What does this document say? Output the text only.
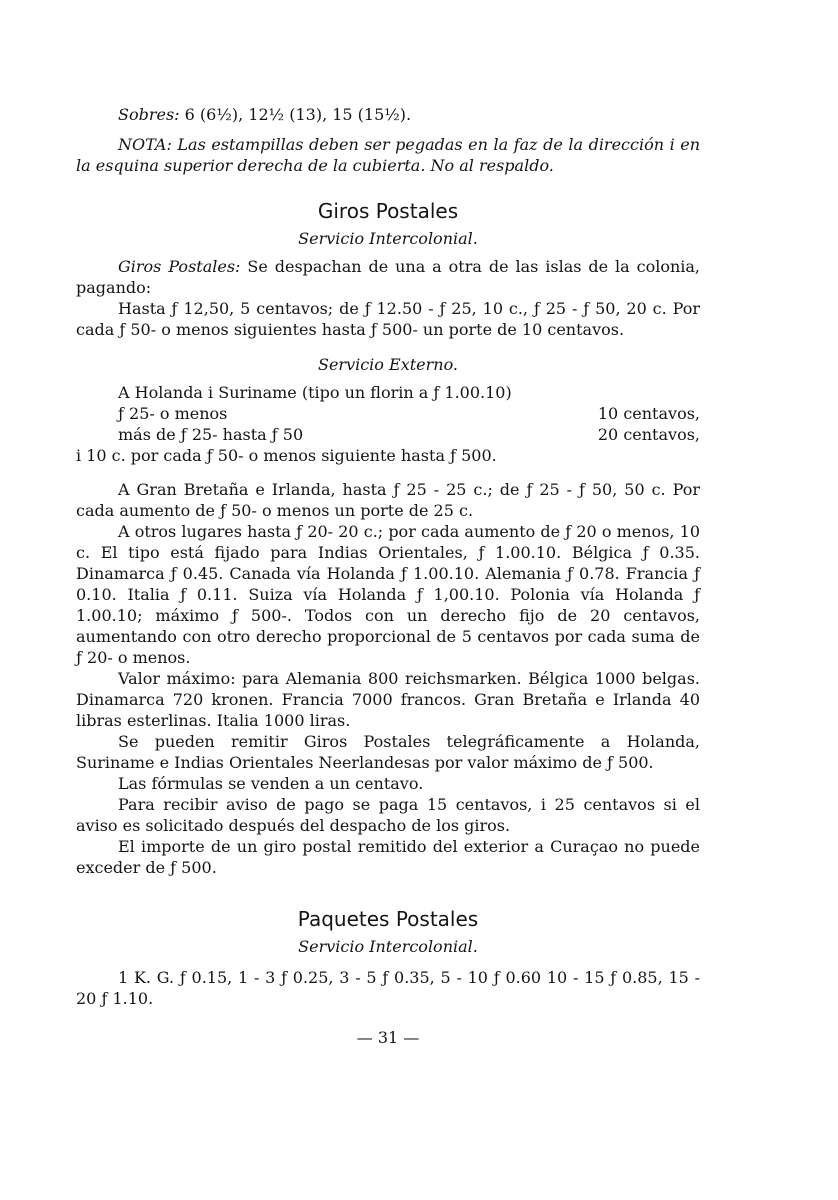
Sobres: 6 (6½), 12½ (13), 15 (15½).

NOTA: Las estampillas deben ser pegadas en la faz de la dirección i en la esquina superior derecha de la cubierta. No al respaldo.

Giros Postales

Servicio Intercolonial.

Giros Postales: Se despachan de una a otra de las islas de la colonia, pagando:

Hasta ƒ 12,50, 5 centavos; de ƒ 12.50 - ƒ 25, 10 c., ƒ 25 - ƒ 50, 20 c. Por cada ƒ 50- o menos siguientes hasta ƒ 500- un porte de 10 centavos.

Servicio Externo.

A Holanda i Suriname (tipo un florin a ƒ 1.00.10)

ƒ 25- o menos	10 centavos,
más de ƒ 25- hasta ƒ 50	20 centavos,

i 10 c. por cada ƒ 50- o menos siguiente hasta ƒ 500.

A Gran Bretaña e Irlanda, hasta ƒ 25 - 25 c.; de ƒ 25 - ƒ 50, 50 c. Por cada aumento de ƒ 50- o menos un porte de 25 c.

A otros lugares hasta ƒ 20- 20 c.; por cada aumento de ƒ 20 o menos, 10 c. El tipo está fijado para Indias Orientales, ƒ 1.00.10. Bélgica ƒ 0.35. Dinamarca ƒ 0.45. Canada vía Holanda ƒ 1.00.10. Alemania ƒ 0.78. Francia ƒ 0.10. Italia ƒ 0.11. Suiza vía Holanda ƒ 1,00.10. Polonia vía Holanda ƒ 1.00.10; máximo ƒ 500-. Todos con un derecho fijo de 20 centavos, aumentando con otro derecho proporcional de 5 centavos por cada suma de ƒ 20- o menos.

Valor máximo: para Alemania 800 reichsmarken. Bélgica 1000 belgas. Dinamarca 720 kronen. Francia 7000 francos. Gran Bretaña e Irlanda 40 libras esterlinas. Italia 1000 liras.

Se pueden remitir Giros Postales telegráficamente a Holanda, Suriname e Indias Orientales Neerlandesas por valor máximo de ƒ 500.

Las fórmulas se venden a un centavo.

Para recibir aviso de pago se paga 15 centavos, i 25 centavos si el aviso es solicitado después del despacho de los giros.

El importe de un giro postal remitido del exterior a Curaçao no puede exceder de ƒ 500.

Paquetes Postales

Servicio Intercolonial.

1 K. G. ƒ 0.15, 1 - 3 ƒ 0.25, 3 - 5 ƒ 0.35, 5 - 10 ƒ 0.60 10 - 15 ƒ 0.85, 15 - 20 ƒ 1.10.

— 31 —
